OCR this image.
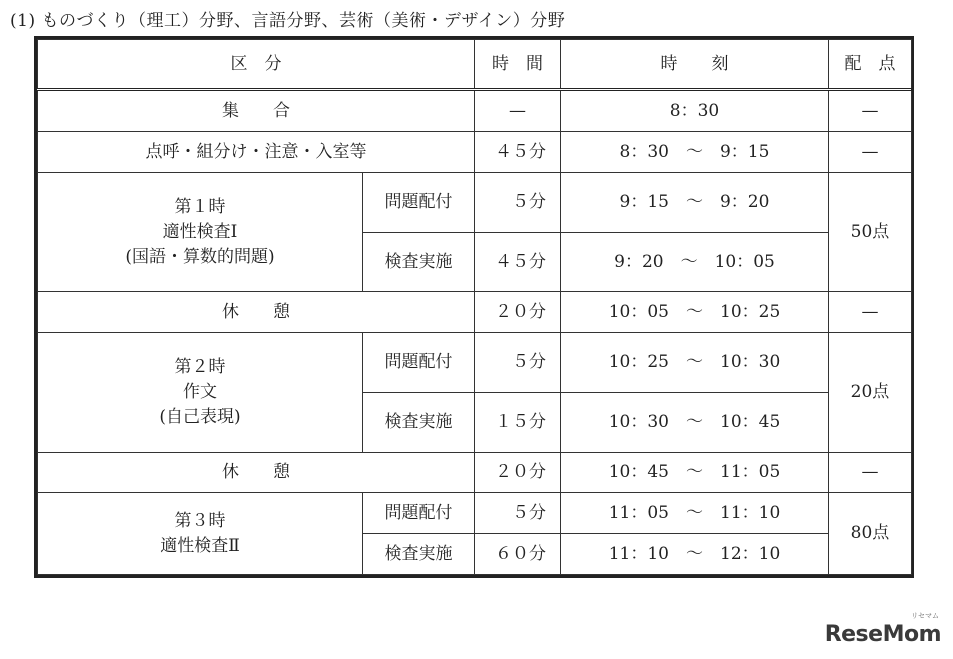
(1) ものづくり（理工）分野、言語分野、芸術（美術・デザイン）分野
区　分		時　間	時　　刻	配　点
集　　合		—	8：30	—
点呼・組分け・注意・入室等		４５分	8：30　〜　9：15	—

第１時
適性検査Ⅰ
(国語・算数的問題)	問題配付	５分	9：15　〜　9：20	50点
	検査実施	４５分	9：20　〜　10：05	
休　　憩		２０分	10：05　〜　10：25	—

第２時
作文
(自己表現)	問題配付	５分	10：25　〜　10：30	20点
	検査実施	１５分	10：30　〜　10：45	
休　　憩		２０分	10：45　〜　11：05	—

第３時
適性検査Ⅱ	問題配付	５分	11：05　〜　11：10	80点
	検査実施	６０分	11：10　〜　12：10	
リセマム
ReseMom
